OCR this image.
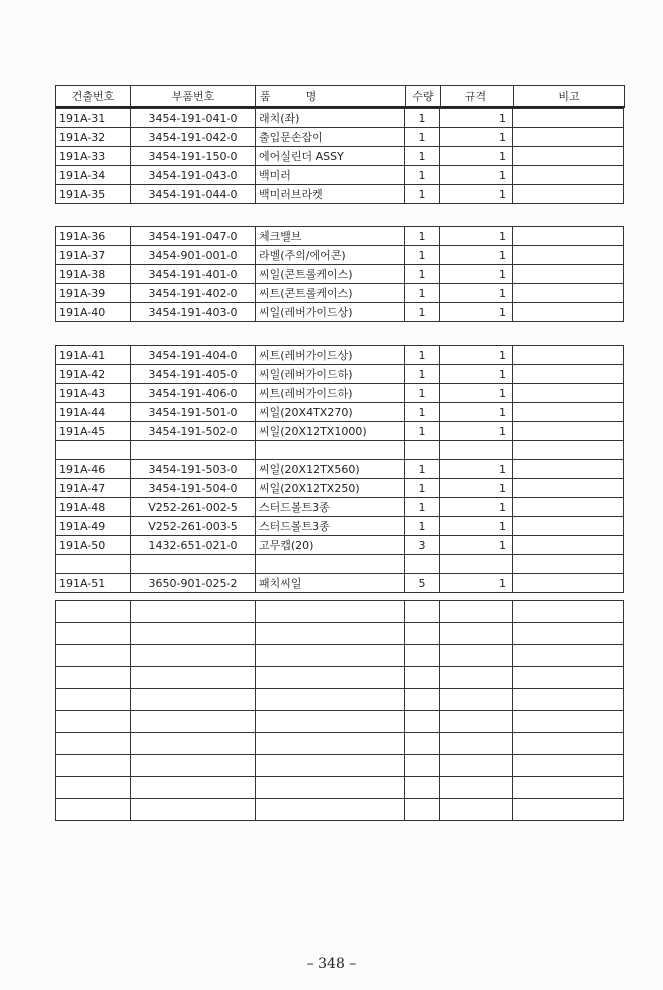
건출번호	부품번호	품          명	수량	규격	비고
191A-31	3454-191-041-0	래치(좌)	1	1	
191A-32	3454-191-042-0	출입문손잡이	1	1	
191A-33	3454-191-150-0	에어실린더 ASSY	1	1	
191A-34	3454-191-043-0	백미러	1	1	
191A-35	3454-191-044-0	백미러브라켓	1	1	
191A-36	3454-191-047-0	체크밸브	1	1	
191A-37	3454-901-001-0	라벨(주의/에어콘)	1	1	
191A-38	3454-191-401-0	씨일(콘트롤케이스)	1	1	
191A-39	3454-191-402-0	씨트(콘트롤케이스)	1	1	
191A-40	3454-191-403-0	씨일(레버가이드상)	1	1	
191A-41	3454-191-404-0	씨트(레버가이드상)	1	1	
191A-42	3454-191-405-0	씨일(레버가이드하)	1	1	
191A-43	3454-191-406-0	씨트(레버가이드하)	1	1	
191A-44	3454-191-501-0	씨일(20X4TX270)	1	1	
191A-45	3454-191-502-0	씨일(20X12TX1000)	1	1	

191A-46	3454-191-503-0	씨일(20X12TX560)	1	1	
191A-47	3454-191-504-0	씨일(20X12TX250)	1	1	
191A-48	V252-261-002-5	스터드볼트3종	1	1	
191A-49	V252-261-003-5	스터드볼트3종	1	1	
191A-50	1432-651-021-0	고무캡(20)	3	1	

191A-51	3650-901-025-2	패치씨일	5	1	

– 348 –
